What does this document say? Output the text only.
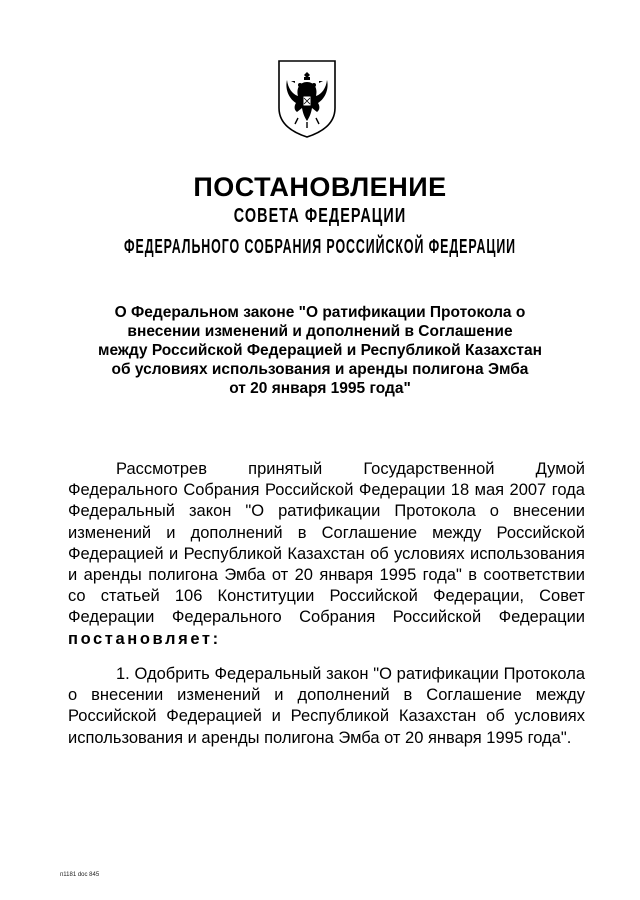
ПОСТАНОВЛЕНИЕ
СОВЕТА ФЕДЕРАЦИИ
ФЕДЕРАЛЬНОГО СОБРАНИЯ РОССИЙСКОЙ ФЕДЕРАЦИИ
О Федеральном законе "О ратификации Протокола о
внесении изменений и дополнений в Соглашение
между Российской Федерацией и Республикой Казахстан
об условиях использования и аренды полигона Эмба
от 20 января 1995 года"
Рассмотрев принятый Государственной Думой Федерального Собрания Российской Федерации 18 мая 2007 года Федеральный закон "О ратификации Протокола о внесении изменений и дополнений в Соглашение между Российской Федерацией и Республикой Казахстан об условиях использования и аренды полигона Эмба от 20 января 1995 года" в соответствии со статьей 106 Конституции Российской Федерации, Совет Федерации Федерального Собрания Российской Федерации постановляет:
1. Одобрить Федеральный закон "О ратификации Протокола о внесении изменений и дополнений в Соглашение между Российской Федерацией и Республикой Казахстан об условиях использования и аренды полигона Эмба от 20 января 1995 года".
п1181 doc 845
